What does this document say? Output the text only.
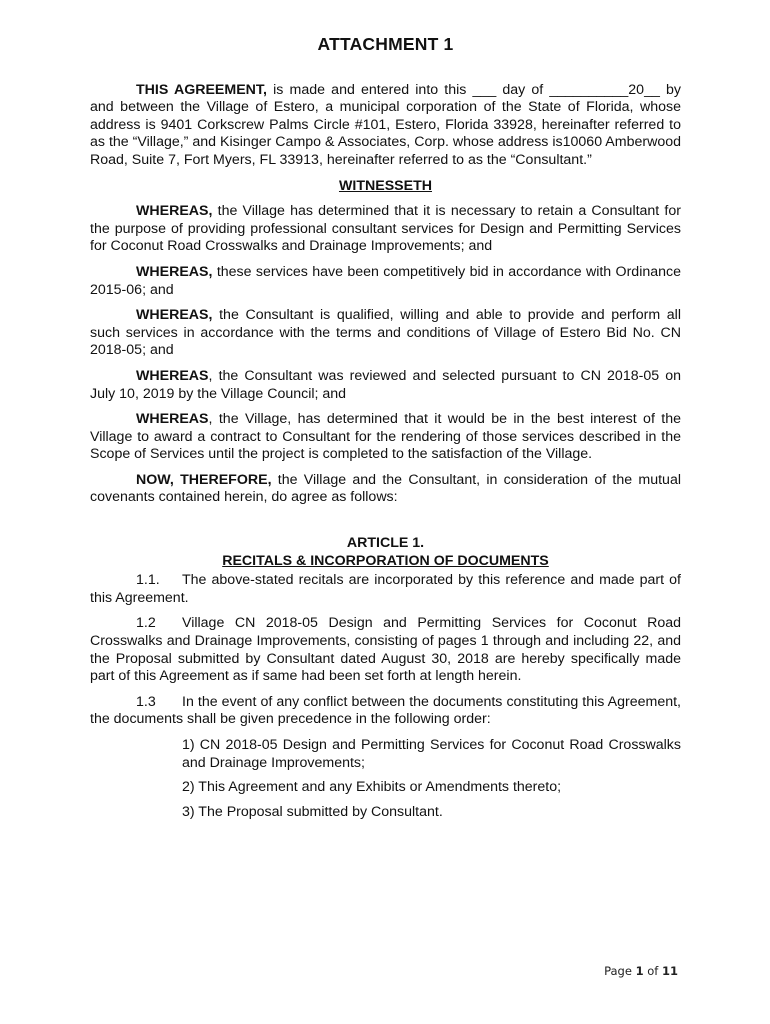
ATTACHMENT 1

THIS AGREEMENT, is made and entered into this ___ day of __________20__ by and between the Village of Estero, a municipal corporation of the State of Florida, whose address is 9401 Corkscrew Palms Circle #101, Estero, Florida 33928, hereinafter referred to as the “Village,” and Kisinger Campo & Associates, Corp. whose address is10060 Amberwood Road, Suite 7, Fort Myers, FL 33913, hereinafter referred to as the “Consultant.”

WITNESSETH

WHEREAS, the Village has determined that it is necessary to retain a Consultant for the purpose of providing professional consultant services for Design and Permitting Services for Coconut Road Crosswalks and Drainage Improvements; and

WHEREAS, these services have been competitively bid in accordance with Ordinance 2015-06; and

WHEREAS, the Consultant is qualified, willing and able to provide and perform all such services in accordance with the terms and conditions of Village of Estero Bid No. CN 2018-05; and

WHEREAS, the Consultant was reviewed and selected pursuant to CN 2018-05 on July 10, 2019 by the Village Council; and

WHEREAS, the Village, has determined that it would be in the best interest of the Village to award a contract to Consultant for the rendering of those services described in the Scope of Services until the project is completed to the satisfaction of the Village.

NOW, THEREFORE, the Village and the Consultant, in consideration of the mutual covenants contained herein, do agree as follows:

ARTICLE 1.
RECITALS & INCORPORATION OF DOCUMENTS

1.1. The above-stated recitals are incorporated by this reference and made part of this Agreement.

1.2 Village CN 2018-05 Design and Permitting Services for Coconut Road Crosswalks and Drainage Improvements, consisting of pages 1 through and including 22, and the Proposal submitted by Consultant dated August 30, 2018 are hereby specifically made part of this Agreement as if same had been set forth at length herein.

1.3 In the event of any conflict between the documents constituting this Agreement, the documents shall be given precedence in the following order:

1) CN 2018-05 Design and Permitting Services for Coconut Road Crosswalks and Drainage Improvements;

2) This Agreement and any Exhibits or Amendments thereto;

3) The Proposal submitted by Consultant.

Page 1 of 11
